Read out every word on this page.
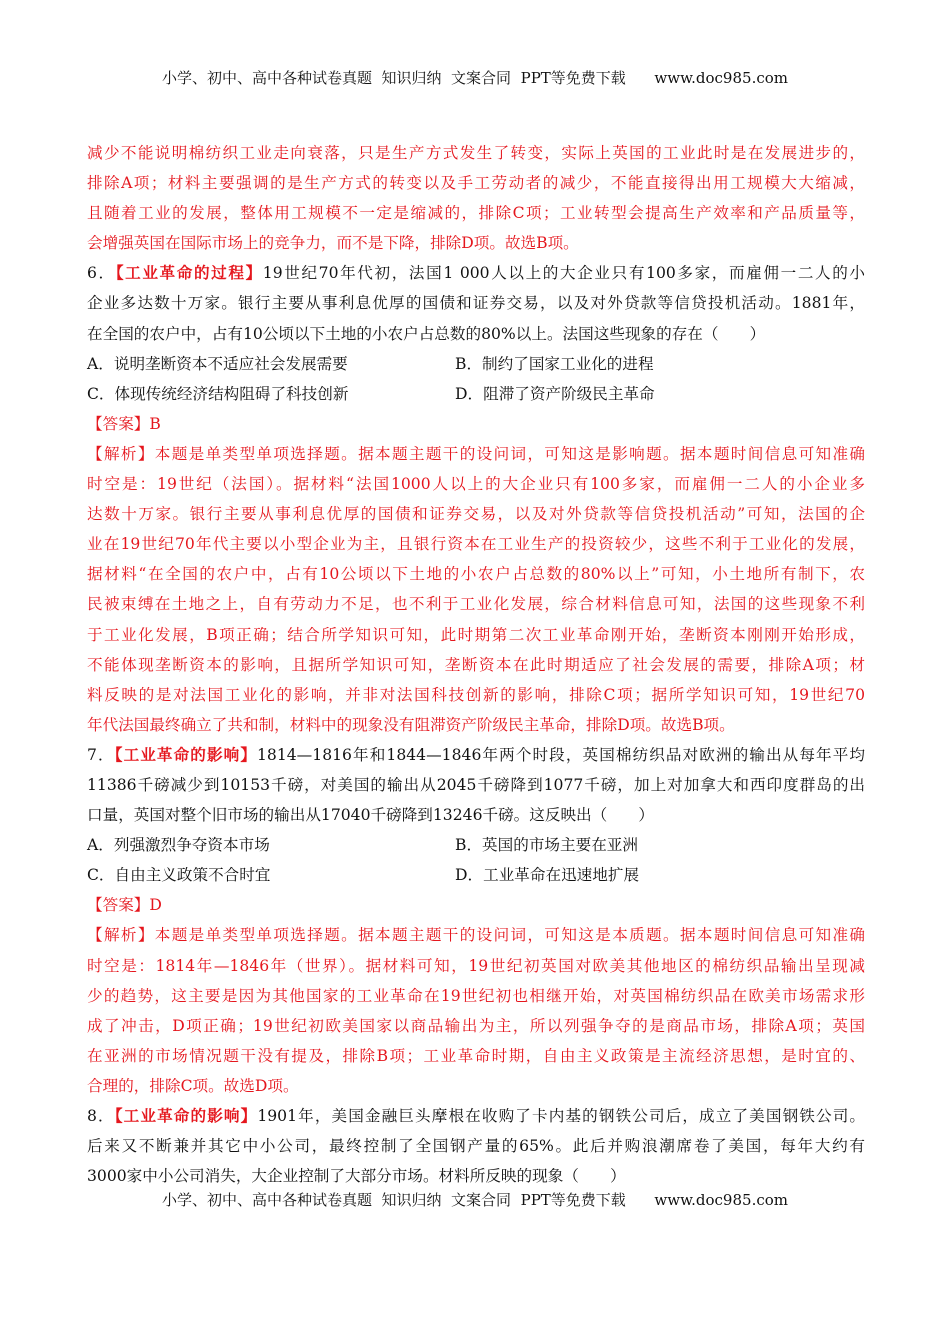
小学、初中、高中各种试卷真题  知识归纳  文案合同  PPT等免费下载      www.doc985.com
减少不能说明棉纺织工业走向衰落，只是生产方式发生了转变，实际上英国的工业此时是在发展进步的，
排除A项；材料主要强调的是生产方式的转变以及手工劳动者的减少，不能直接得出用工规模大大缩减，
且随着工业的发展，整体用工规模不一定是缩减的，排除C项；工业转型会提高生产效率和产品质量等，
会增强英国在国际市场上的竞争力，而不是下降，排除D项。故选B项。
6．【工业革命的过程】19世纪70年代初，法国1 000人以上的大企业只有100多家，而雇佣一二人的小
企业多达数十万家。银行主要从事利息优厚的国债和证券交易，以及对外贷款等信贷投机活动。1881年，
在全国的农户中，占有10公顷以下土地的小农户占总数的80%以上。法国这些现象的存在（　　）
A．说明垄断资本不适应社会发展需要	B．制约了国家工业化的进程
C．体现传统经济结构阻碍了科技创新	D．阻滞了资产阶级民主革命
【答案】B
【解析】本题是单类型单项选择题。据本题主题干的设问词，可知这是影响题。据本题时间信息可知准确
时空是：19世纪（法国）。据材料“法国1000人以上的大企业只有100多家，而雇佣一二人的小企业多
达数十万家。银行主要从事利息优厚的国债和证券交易，以及对外贷款等信贷投机活动”可知，法国的企
业在19世纪70年代主要以小型企业为主，且银行资本在工业生产的投资较少，这些不利于工业化的发展，
据材料“在全国的农户中，占有10公顷以下土地的小农户占总数的80%以上”可知，小土地所有制下，农
民被束缚在土地之上，自有劳动力不足，也不利于工业化发展，综合材料信息可知，法国的这些现象不利
于工业化发展，B项正确；结合所学知识可知，此时期第二次工业革命刚开始，垄断资本刚刚开始形成，
不能体现垄断资本的影响，且据所学知识可知，垄断资本在此时期适应了社会发展的需要，排除A项；材
料反映的是对法国工业化的影响，并非对法国科技创新的影响，排除C项；据所学知识可知，19世纪70
年代法国最终确立了共和制，材料中的现象没有阻滞资产阶级民主革命，排除D项。故选B项。
7．【工业革命的影响】1814—1816年和1844—1846年两个时段，英国棉纺织品对欧洲的输出从每年平均
11386千磅减少到10153千磅，对美国的输出从2045千磅降到1077千磅，加上对加拿大和西印度群岛的出
口量，英国对整个旧市场的输出从17040千磅降到13246千磅。这反映出（　　）
A．列强激烈争夺资本市场	B．英国的市场主要在亚洲
C．自由主义政策不合时宜	D．工业革命在迅速地扩展
【答案】D
【解析】本题是单类型单项选择题。据本题主题干的设问词，可知这是本质题。据本题时间信息可知准确
时空是：1814年—1846年（世界）。据材料可知，19世纪初英国对欧美其他地区的棉纺织品输出呈现减
少的趋势，这主要是因为其他国家的工业革命在19世纪初也相继开始，对英国棉纺织品在欧美市场需求形
成了冲击，D项正确；19世纪初欧美国家以商品输出为主，所以列强争夺的是商品市场，排除A项；英国
在亚洲的市场情况题干没有提及，排除B项；工业革命时期，自由主义政策是主流经济思想，是时宜的、
合理的，排除C项。故选D项。
8．【工业革命的影响】1901年，美国金融巨头摩根在收购了卡内基的钢铁公司后，成立了美国钢铁公司。
后来又不断兼并其它中小公司，最终控制了全国钢产量的65%。此后并购浪潮席卷了美国，每年大约有
3000家中小公司消失，大企业控制了大部分市场。材料所反映的现象（　　）
小学、初中、高中各种试卷真题  知识归纳  文案合同  PPT等免费下载      www.doc985.com
